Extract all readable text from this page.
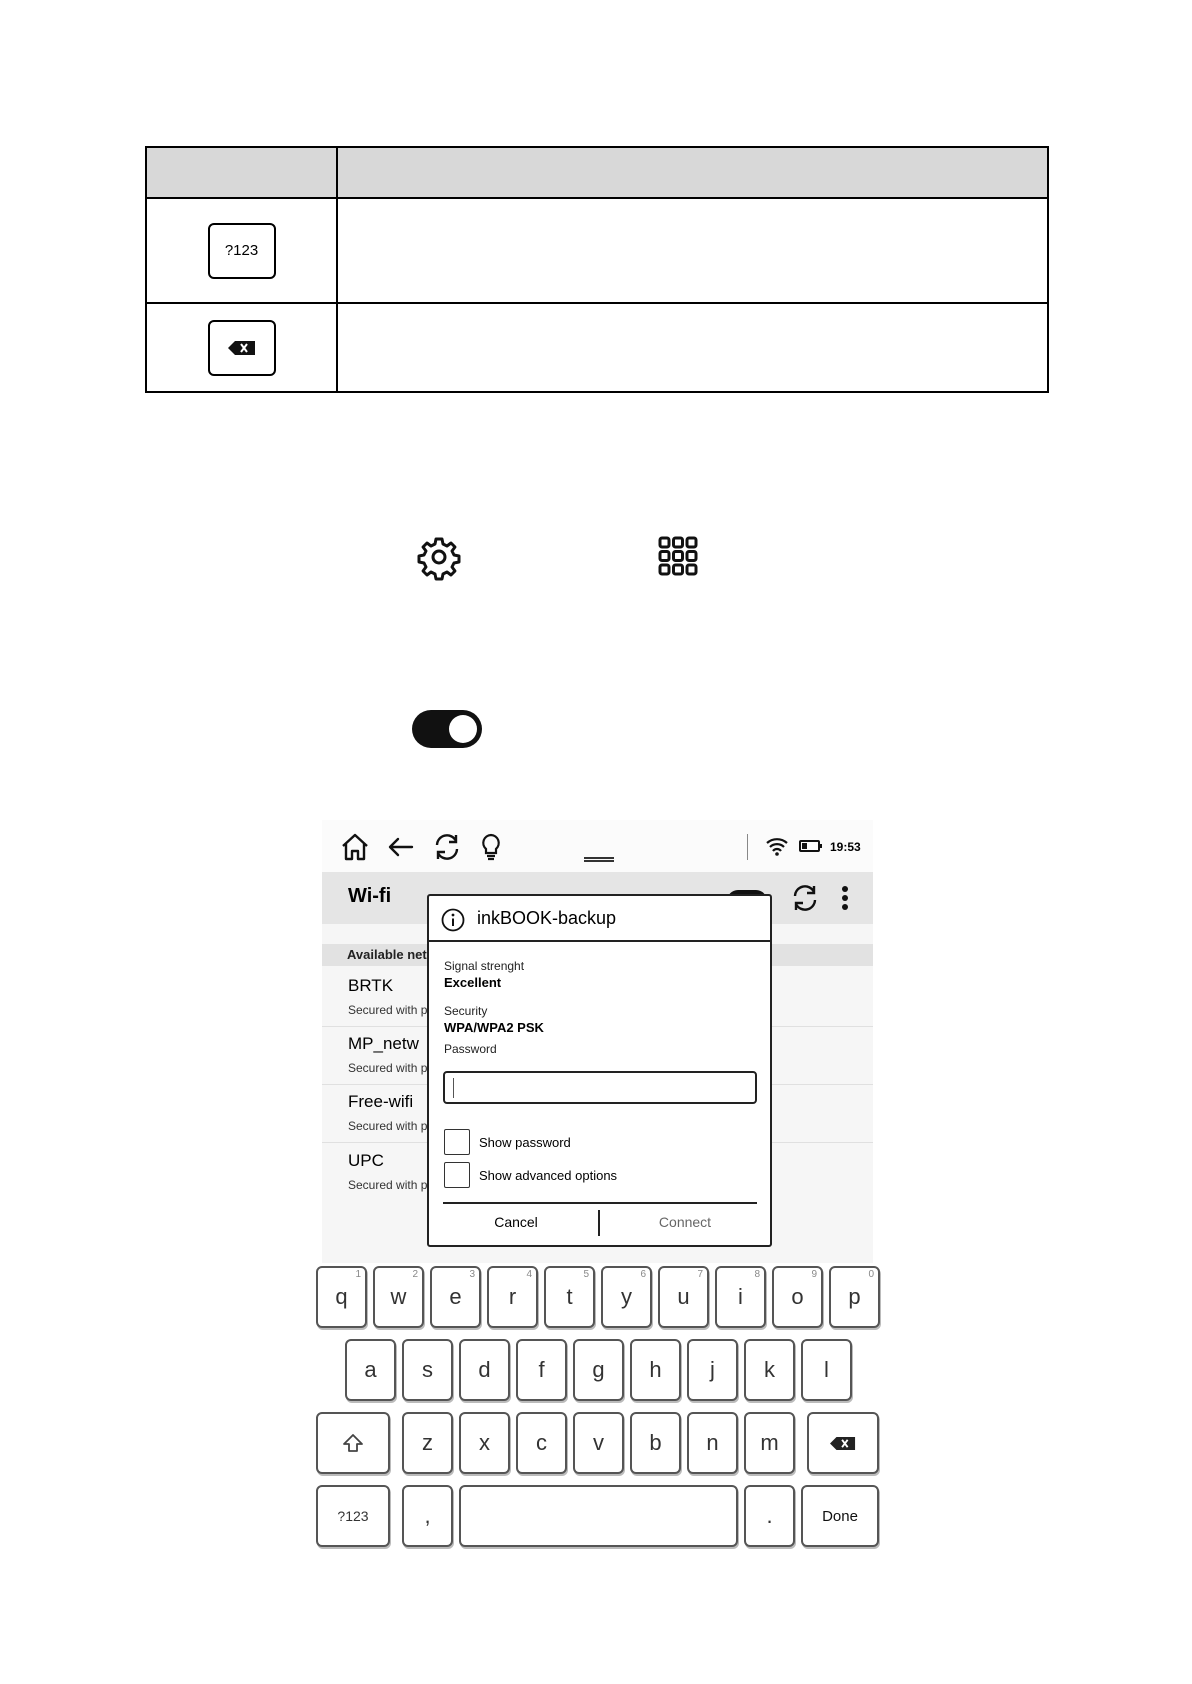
?123	

19:53
Wi-fi
Available net
BRTK
Secured with p
MP_netw
Secured with p
Free-wifi
Secured with p
UPC
Secured with p
inkBOOK-backup
Signal strenght
Excellent
Security
WPA/WPA2 PSK
Password
Show password
Show advanced options
Cancel	Connect
q
1
w
2
e
3
r
4
t
5
y
6
u
7
i
8
o
9
p
0
a	s	d	f	g	h	j	k	l
z	x	c	v	b	n	m
?123	,	.	Done
